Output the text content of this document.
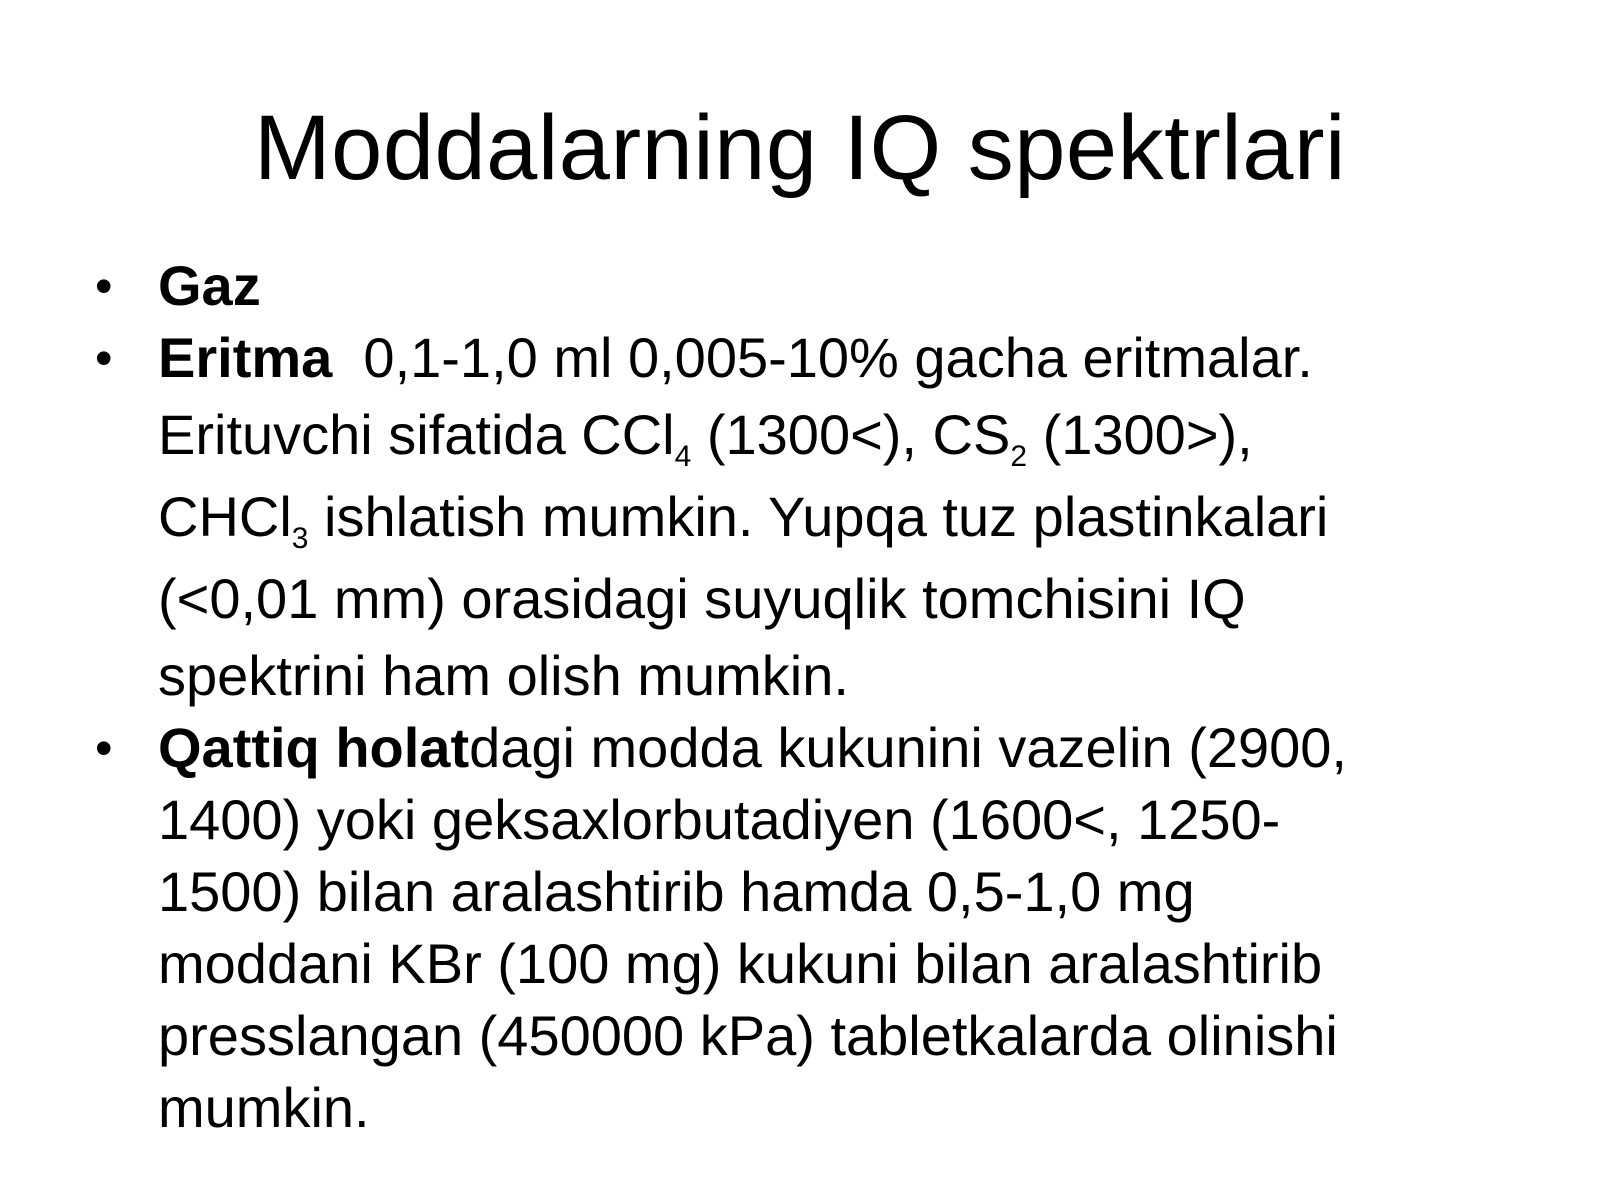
Moddalarning IQ spektrlari
• Gaz
• Eritma 0,1-1,0 ml 0,005-10% gacha eritmalar.
Erituvchi sifatida CCl$_4$ (1300<), $CS_2$ (1300>),
CHCl$_3$ ishlatish mumkin. Yupqa tuz plastinkalari
(<0,01 mm) orasidagi suyuqlik tomchisini IQ
spektrini ham olish mumkin.
• Qattiq holatdagi modda kukunini vazelin (2900,
1400) yoki geksaxlorbutadiyen (1600<, 1250-
1500) bilan aralashtirib hamda 0,5-1,0 mg
moddani KBr (100 mg) kukuni bilan aralashtirib
presslangan (450000 kPa) tabletkalarda olinishi
mumkin.
